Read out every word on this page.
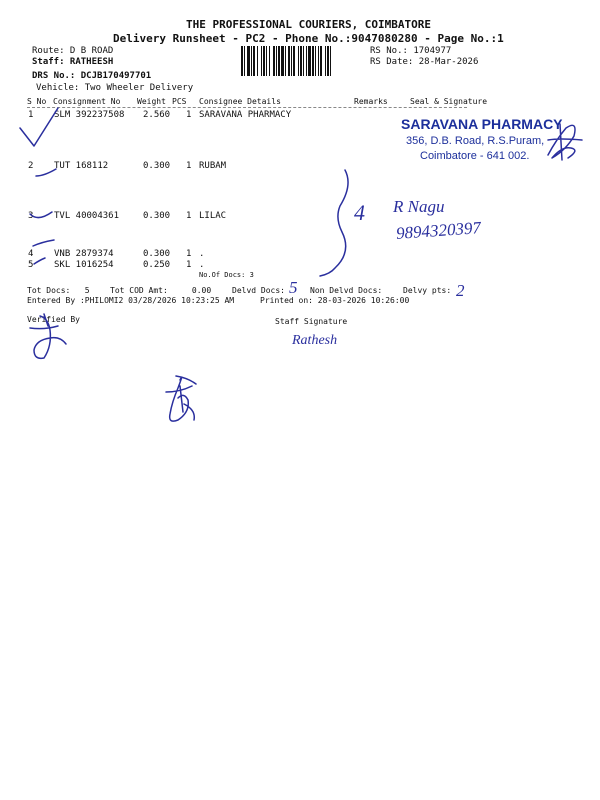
THE PROFESSIONAL COURIERS, COIMBATORE
Delivery Runsheet - PC2 - Phone No.:9047080280 - Page No.:1
Route: D B ROAD
Staff: RATHEESH
DRS No.: DCJB170497701
Vehicle: Two Wheeler Delivery
RS No.: 1704977
RS Date: 28-Mar-2026
S No Consignment No Weight PCS Consignee Details	Remarks	Seal & Signature
1 SLM 392237508 2.560 1 SARAVANA PHARMACY
2 TUT 168112	0.300 1 RUBAM
3 TVL 40004361	0.300 1 LILAC
4 VNB 2879374	0.300 1 .
5 SKL 1016254	0.250 1 .
No.Of Docs: 3
SARAVANA PHARMACY
356, D.B. Road, R.S.Puram,
Coimbatore - 641 002.
4 R Nagu
9894320397
Tot Docs:   5	Tot COD Amt:     0.00	Delvd Docs: 5 Non Delvd Docs:	Delvy pts: 2
Entered By :PHILOMI2 03/28/2026 10:23:25 AM	Printed on: 28-03-2026 10:26:00
Verified By	Staff Signature
Rathesh
